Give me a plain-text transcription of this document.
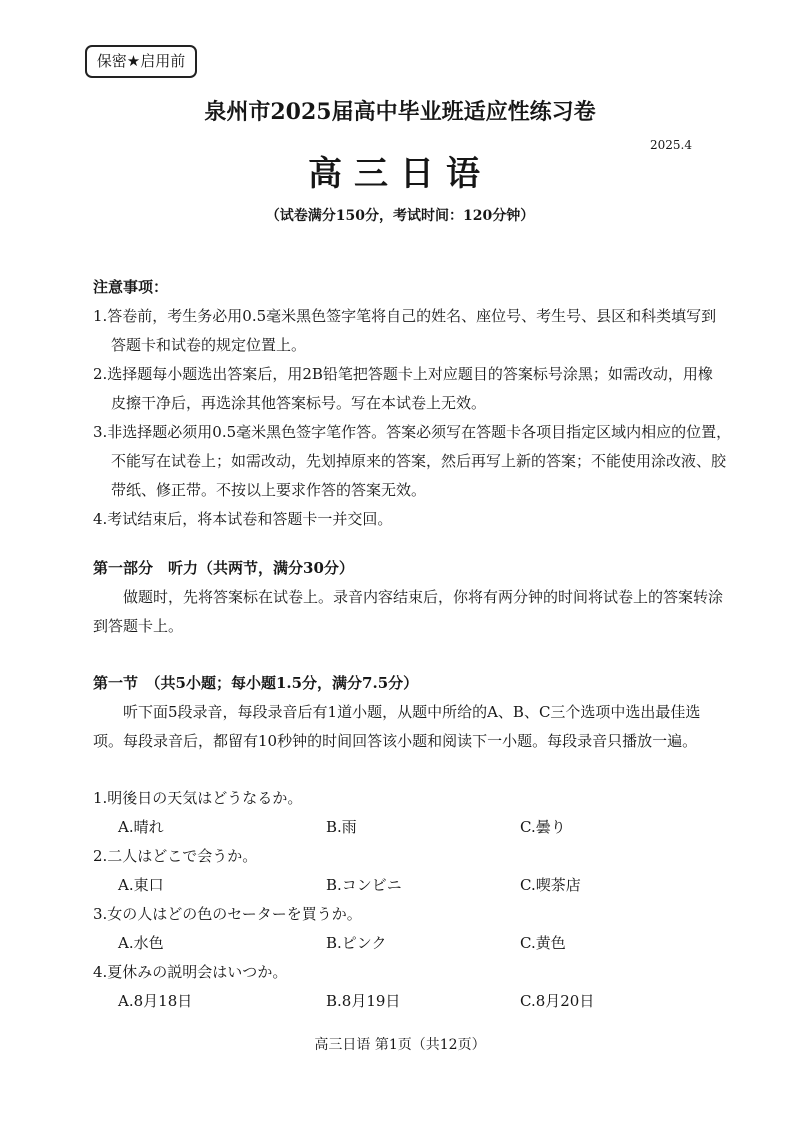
保密★启用前
泉州市2025届高中毕业班适应性练习卷
2025.4
高三日语
（试卷满分150分，考试时间：120分钟）
注意事项：
1.答卷前，考生务必用0.5毫米黑色签字笔将自己的姓名、座位号、考生号、县区和科类填写到
答题卡和试卷的规定位置上。
2.选择题每小题选出答案后，用2B铅笔把答题卡上对应题目的答案标号涂黑；如需改动，用橡
皮擦干净后，再选涂其他答案标号。写在本试卷上无效。
3.非选择题必须用0.5毫米黑色签字笔作答。答案必须写在答题卡各项目指定区域内相应的位置，
不能写在试卷上；如需改动，先划掉原来的答案，然后再写上新的答案；不能使用涂改液、胶
带纸、修正带。不按以上要求作答的答案无效。
4.考试结束后，将本试卷和答题卡一并交回。
第一部分　听力（共两节，满分30分）
做题时，先将答案标在试卷上。录音内容结束后，你将有两分钟的时间将试卷上的答案转涂
到答题卡上。
第一节　（共5小题；每小题1.5分，满分7.5分）
听下面5段录音，每段录音后有1道小题，从题中所给的A、B、C三个选项中选出最佳选
项。每段录音后，都留有10秒钟的时间回答该小题和阅读下一小题。每段录音只播放一遍。
1.明後日の天気はどうなるか。
A.晴れ	B.雨	C.曇り
2.二人はどこで会うか。
A.東口	B.コンビニ	C.喫茶店
3.女の人はどの色のセーターを買うか。
A.水色	B.ピンク	C.黄色
4.夏休みの説明会はいつか。
A.8月18日	B.8月19日	C.8月20日
高三日语 第1页（共12页）
